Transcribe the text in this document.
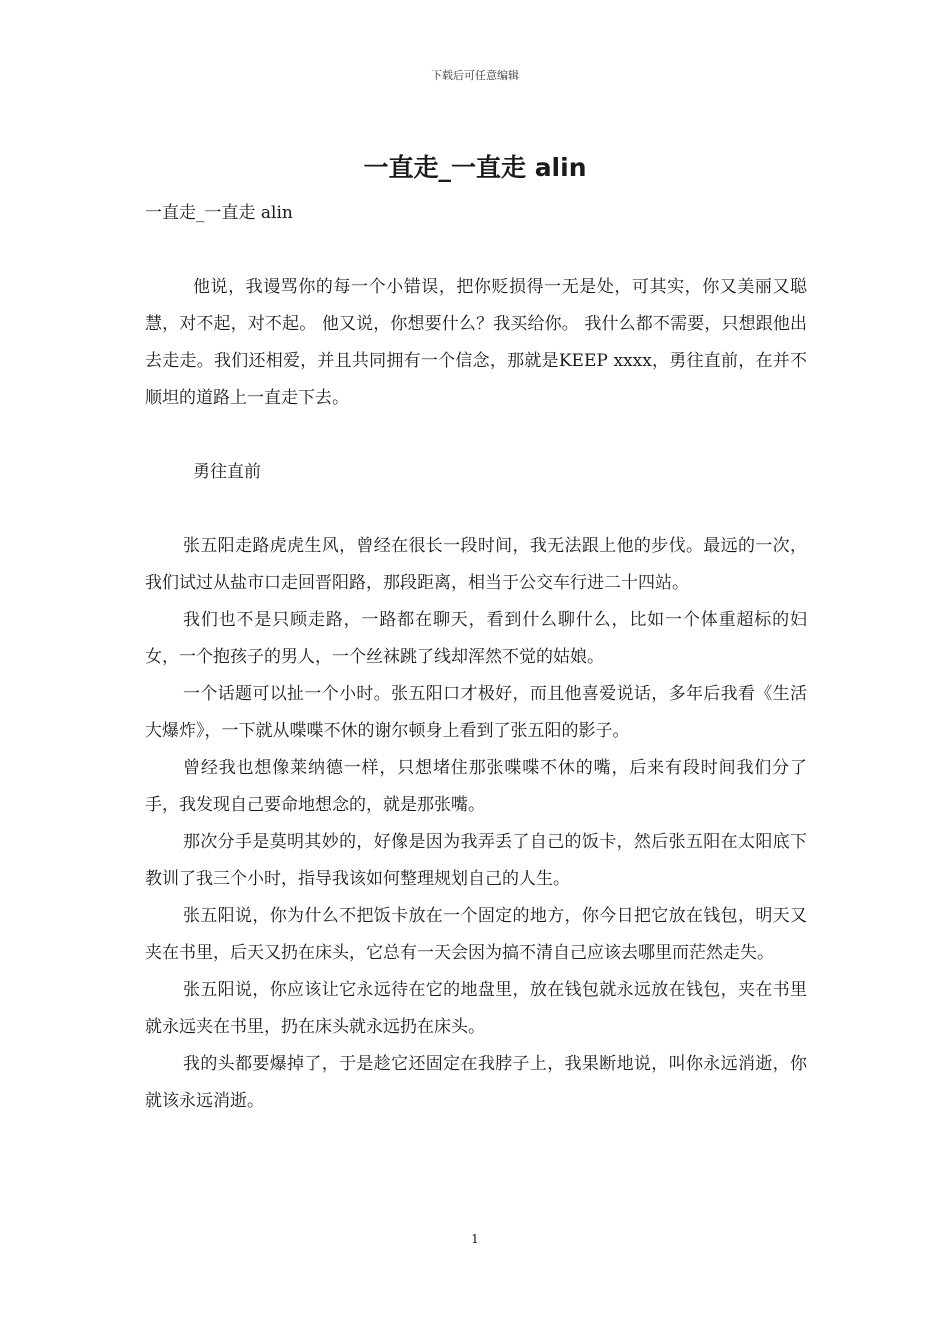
下载后可任意编辑
一直走_一直走 alin

一直走_一直走 alin

他说，我谩骂你的每一个小错误，把你贬损得一无是处，可其实，你又美丽又聪慧，对不起，对不起。 他又说，你想要什么？我买给你。 我什么都不需要，只想跟他出去走走。我们还相爱，并且共同拥有一个信念，那就是KEEP xxxx，勇往直前，在并不顺坦的道路上一直走下去。

勇往直前

张五阳走路虎虎生风，曾经在很长一段时间，我无法跟上他的步伐。最远的一次，我们试过从盐市口走回晋阳路，那段距离，相当于公交车行进二十四站。

我们也不是只顾走路，一路都在聊天，看到什么聊什么，比如一个体重超标的妇女，一个抱孩子的男人，一个丝袜跳了线却浑然不觉的姑娘。

一个话题可以扯一个小时。张五阳口才极好，而且他喜爱说话，多年后我看《生活大爆炸》，一下就从喋喋不休的谢尔顿身上看到了张五阳的影子。

曾经我也想像莱纳德一样，只想堵住那张喋喋不休的嘴，后来有段时间我们分了手，我发现自己要命地想念的，就是那张嘴。

那次分手是莫明其妙的，好像是因为我弄丢了自己的饭卡，然后张五阳在太阳底下教训了我三个小时，指导我该如何整理规划自己的人生。

张五阳说，你为什么不把饭卡放在一个固定的地方，你今日把它放在钱包，明天又夹在书里，后天又扔在床头，它总有一天会因为搞不清自己应该去哪里而茫然走失。

张五阳说，你应该让它永远待在它的地盘里，放在钱包就永远放在钱包，夹在书里就永远夹在书里，扔在床头就永远扔在床头。

我的头都要爆掉了，于是趁它还固定在我脖子上，我果断地说，叫你永远消逝，你就该永远消逝。

1
